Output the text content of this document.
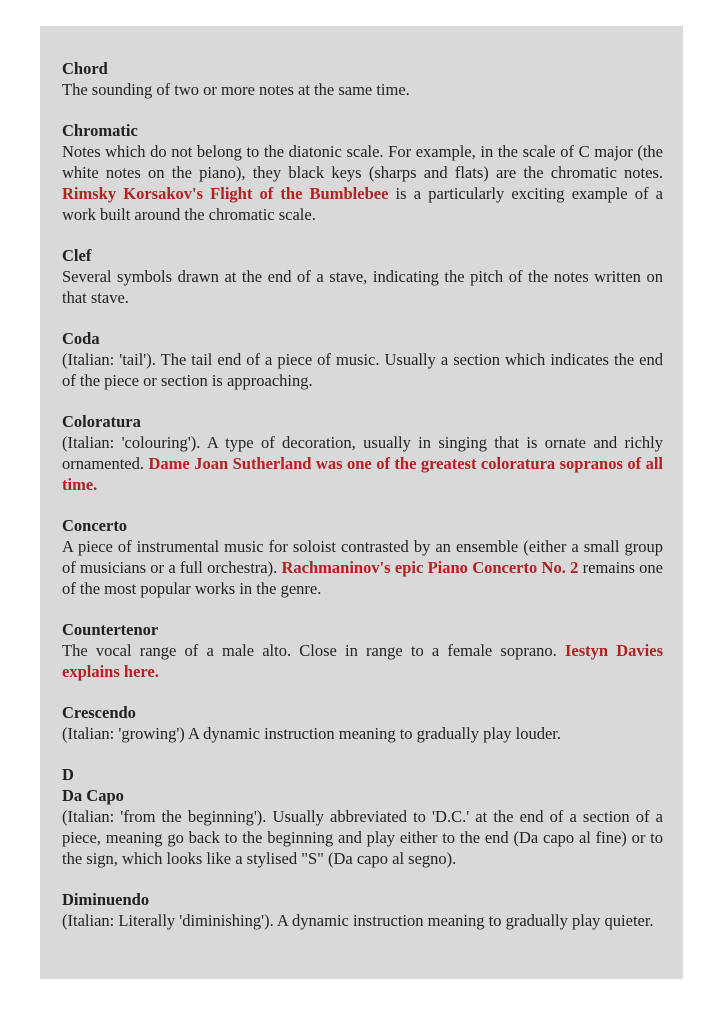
Chord
The sounding of two or more notes at the same time.
Chromatic
Notes which do not belong to the diatonic scale. For example, in the scale of C major (the white notes on the piano), they black keys (sharps and flats) are the chromatic notes. Rimsky Korsakov's Flight of the Bumblebee is a particularly exciting example of a work built around the chromatic scale.
Clef
Several symbols drawn at the end of a stave, indicating the pitch of the notes written on that stave.
Coda
(Italian: 'tail'). The tail end of a piece of music. Usually a section which indicates the end of the piece or section is approaching.
Coloratura
(Italian: 'colouring'). A type of decoration, usually in singing that is ornate and richly ornamented. Dame Joan Sutherland was one of the greatest coloratura sopranos of all time.
Concerto
A piece of instrumental music for soloist contrasted by an ensemble (either a small group of musicians or a full orchestra). Rachmaninov's epic Piano Concerto No. 2 remains one of the most popular works in the genre.
Countertenor
The vocal range of a male alto. Close in range to a female soprano. Iestyn Davies explains here.
Crescendo
(Italian: 'growing') A dynamic instruction meaning to gradually play louder.
D
Da Capo
(Italian: 'from the beginning'). Usually abbreviated to 'D.C.' at the end of a section of a piece, meaning go back to the beginning and play either to the end (Da capo al fine) or to the sign, which looks like a stylised "S" (Da capo al segno).
Diminuendo
(Italian: Literally 'diminishing'). A dynamic instruction meaning to gradually play quieter.
